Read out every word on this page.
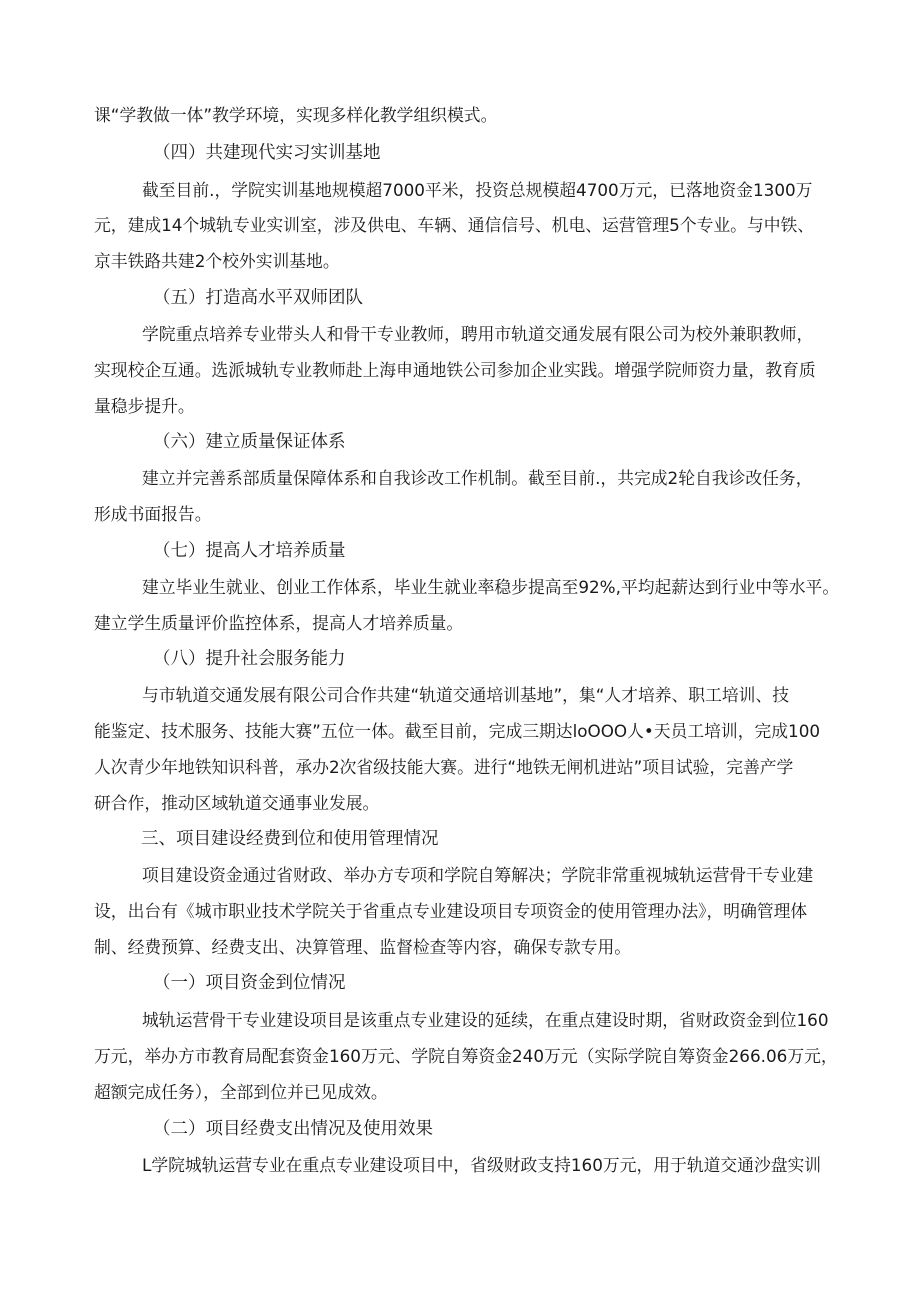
课“学教做一体”教学环境，实现多样化教学组织模式。
（四）共建现代实习实训基地
截至目前.，学院实训基地规模超7000平米，投资总规模超4700万元，已落地资金1300万
元，建成14个城轨专业实训室，涉及供电、车辆、通信信号、机电、运营管理5个专业。与中铁、
京丰铁路共建2个校外实训基地。
（五）打造高水平双师团队
学院重点培养专业带头人和骨干专业教师，聘用市轨道交通发展有限公司为校外兼职教师，
实现校企互通。选派城轨专业教师赴上海申通地铁公司参加企业实践。增强学院师资力量，教育质
量稳步提升。
（六）建立质量保证体系
建立并完善系部质量保障体系和自我诊改工作机制。截至目前.，共完成2轮自我诊改任务，
形成书面报告。
（七）提高人才培养质量
建立毕业生就业、创业工作体系，毕业生就业率稳步提高至92%,平均起薪达到行业中等水平。
建立学生质量评价监控体系，提高人才培养质量。
（八）提升社会服务能力
与市轨道交通发展有限公司合作共建“轨道交通培训基地”，集“人才培养、职工培训、技
能鉴定、技术服务、技能大赛”五位一体。截至目前，完成三期达loOOO人•天员工培训，完成100
人次青少年地铁知识科普，承办2次省级技能大赛。进行“地铁无闸机进站”项目试验，完善产学
研合作，推动区域轨道交通事业发展。
三、项目建设经费到位和使用管理情况
项目建设资金通过省财政、举办方专项和学院自筹解决；学院非常重视城轨运营骨干专业建
设，出台有《城市职业技术学院关于省重点专业建设项目专项资金的使用管理办法》，明确管理体
制、经费预算、经费支出、决算管理、监督检查等内容，确保专款专用。
（一）项目资金到位情况
城轨运营骨干专业建设项目是该重点专业建设的延续，在重点建设时期，省财政资金到位160
万元，举办方市教育局配套资金160万元、学院自筹资金240万元（实际学院自筹资金266.06万元，
超额完成任务），全部到位并已见成效。
（二）项目经费支出情况及使用效果
L学院城轨运营专业在重点专业建设项目中，省级财政支持160万元，用于轨道交通沙盘实训
